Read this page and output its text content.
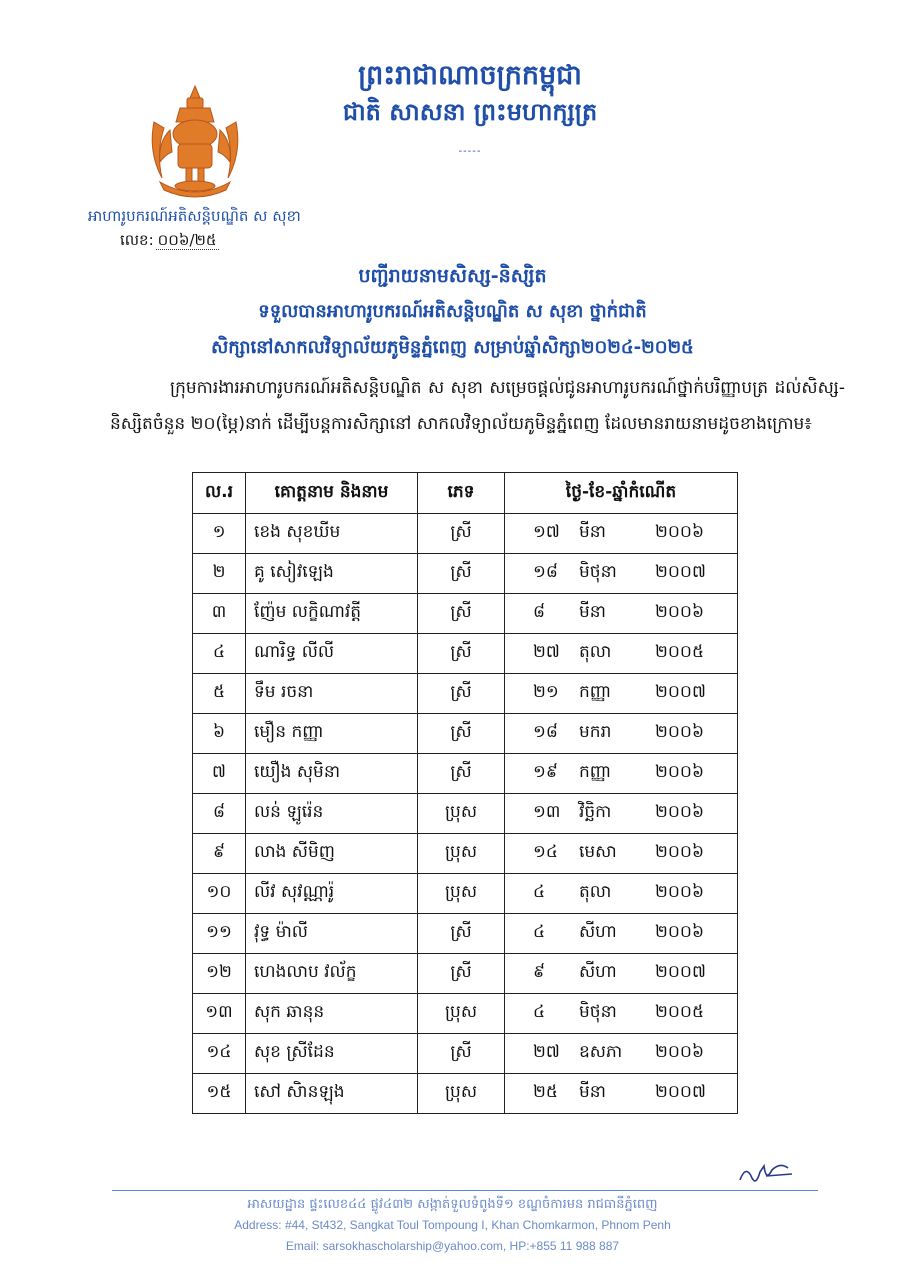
ព្រះរាជាណាចក្រកម្ពុជា
ជាតិ សាសនា ព្រះមហាក្សត្រ
-----
អាហារូបករណ៍អតិសន្តិបណ្ឌិត ស សុខា
លេខ: ០០៦/២៥
បញ្ជីរាយនាមសិស្ស-និស្សិត
ទទួលបានអាហារូបករណ៍អតិសន្តិបណ្ឌិត ស សុខា ថ្នាក់ជាតិ
សិក្សានៅសាកលវិទ្យាល័យភូមិន្ទភ្នំពេញ សម្រាប់ឆ្នាំសិក្សា២០២៤-២០២៥
ក្រុមការងារអាហារូបករណ៍អតិសន្តិបណ្ឌិត ស សុខា សម្រេចផ្តល់ជូនអាហារូបករណ៍ថ្នាក់បរិញ្ញាបត្រ ដល់សិស្ស-និស្សិតចំនួន ២០(ម្ភៃ)នាក់ ដើម្បីបន្តការសិក្សានៅ សាកលវិទ្យាល័យភូមិន្ទភ្នំពេញ ដែលមានរាយនាមដូចខាងក្រោម៖
ល.រ	គោត្តនាម និងនាម	ភេទ	ថ្ងៃ-ខែ-ឆ្នាំកំណើត
១	ខេង សុខឃីម	ស្រី	១៧ មីនា ២០០៦
២	គូ សៀវឡេង	ស្រី	១៨ មិថុនា ២០០៧
៣	ញ៉ែម លក្ខិណាវត្តី	ស្រី	៨ មីនា ២០០៦
៤	ណារិទ្ធ លីលី	ស្រី	២៧ តុលា ២០០៥
៥	ទឹម រចនា	ស្រី	២១ កញ្ញា ២០០៧
៦	មឿន កញ្ញា	ស្រី	១៨ មករា ២០០៦
៧	យឿង សុមិនា	ស្រី	១៩ កញ្ញា ២០០៦
៨	លន់ ឡូរ៉េន	ប្រុស	១៣ វិច្ឆិកា ២០០៦
៩	លាង សីមិញ	ប្រុស	១៤ មេសា ២០០៦
១០	លីវ សុវណ្ណារ៉ូ	ប្រុស	៤ តុលា ២០០៦
១១	វុទ្ធ ម៉ាលី	ស្រី	៤ សីហា ២០០៦
១២	ហេងលាប វល័ក្ខ	ស្រី	៩ សីហា ២០០៧
១៣	សុក ឆានុន	ប្រុស	៤ មិថុនា ២០០៥
១៤	សុខ ស្រីដែន	ស្រី	២៧ ឧសភា ២០០៦
១៥	សៅ សិានឡុង	ប្រុស	២៥ មីនា ២០០៧
អាសយដ្ឋាន ផ្ទះលេខ៤៤ ផ្លូវ៤៣២ សង្កាត់ទួលទំពូងទី១ ខណ្ឌចំការមន រាជធានីភ្នំពេញ
Address: #44, St432, Sangkat Toul Tompoung I, Khan Chomkarmon, Phnom Penh
Email: sarsokhascholarship@yahoo.com, HP:+855 11 988 887
